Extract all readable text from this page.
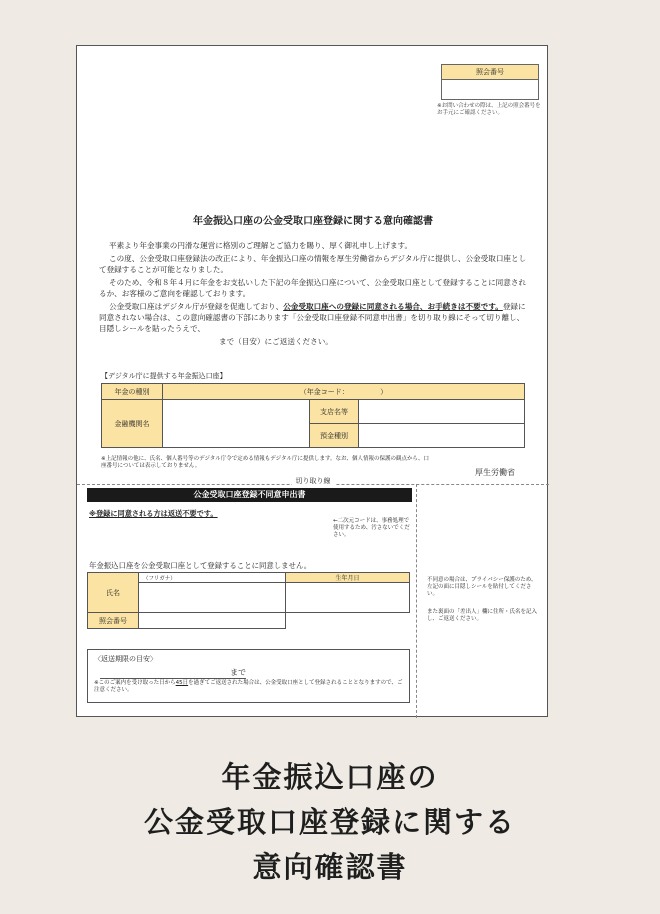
照会番号
※お問い合わせの際は、上記の照会番号をお手元にご確認ください。
年金振込口座の公金受取口座登録に関する意向確認書

平素より年金事業の円滑な運営に格別のご理解とご協力を賜り、厚く御礼申し上げます。

この度、公金受取口座登録法の改正により、年金振込口座の情報を厚生労働省からデジタル庁に提供し、公金受取口座として登録することが可能となりました。

そのため、令和８年４月に年金をお支払いした下記の年金振込口座について、公金受取口座として登録することに同意されるか、お客様のご意向を確認しております。

公金受取口座はデジタル庁が登録を促進しており、公金受取口座への登録に同意される場合、お手続きは不要です。登録に同意されない場合は、この意向確認書の下部にあります「公金受取口座登録不同意申出書」を切り取り線にそって切り離し、目隠しシールを貼ったうえで、

まで（目安）にご返送ください。

【デジタル庁に提供する年金振込口座】
年金の種別	（年金コード：　　　　　）		
金融機関名		支店名等	
		預金種別	
※上記情報の他に、氏名、個人番号等のデジタル庁令で定める情報もデジタル庁に提供します。なお、個人情報の保護の観点から、口座番号については表示しておりません。
厚生労働省
切り取り線
公金受取口座登録不同意申出書
※登録に同意される方は返送不要です。
←二次元コードは、事務処理で使用するため、汚さないでください。
年金振込口座を公金受取口座として登録することに同意しません。
氏名	（フリガナ）	生年月日

照会番号		
〈返送期限の目安〉
まで
※このご案内を受け取った日から45日を過ぎてご返送された場合は、公金受取口座として登録されることとなりますので、ご注意ください。
不同意の場合は、プライバシー保護のため、左記の面に目隠しシールを貼付してください。
また裏面の「差出人」欄に住所・氏名を記入し、ご返送ください。
年金振込口座の
公金受取口座登録に関する
意向確認書
